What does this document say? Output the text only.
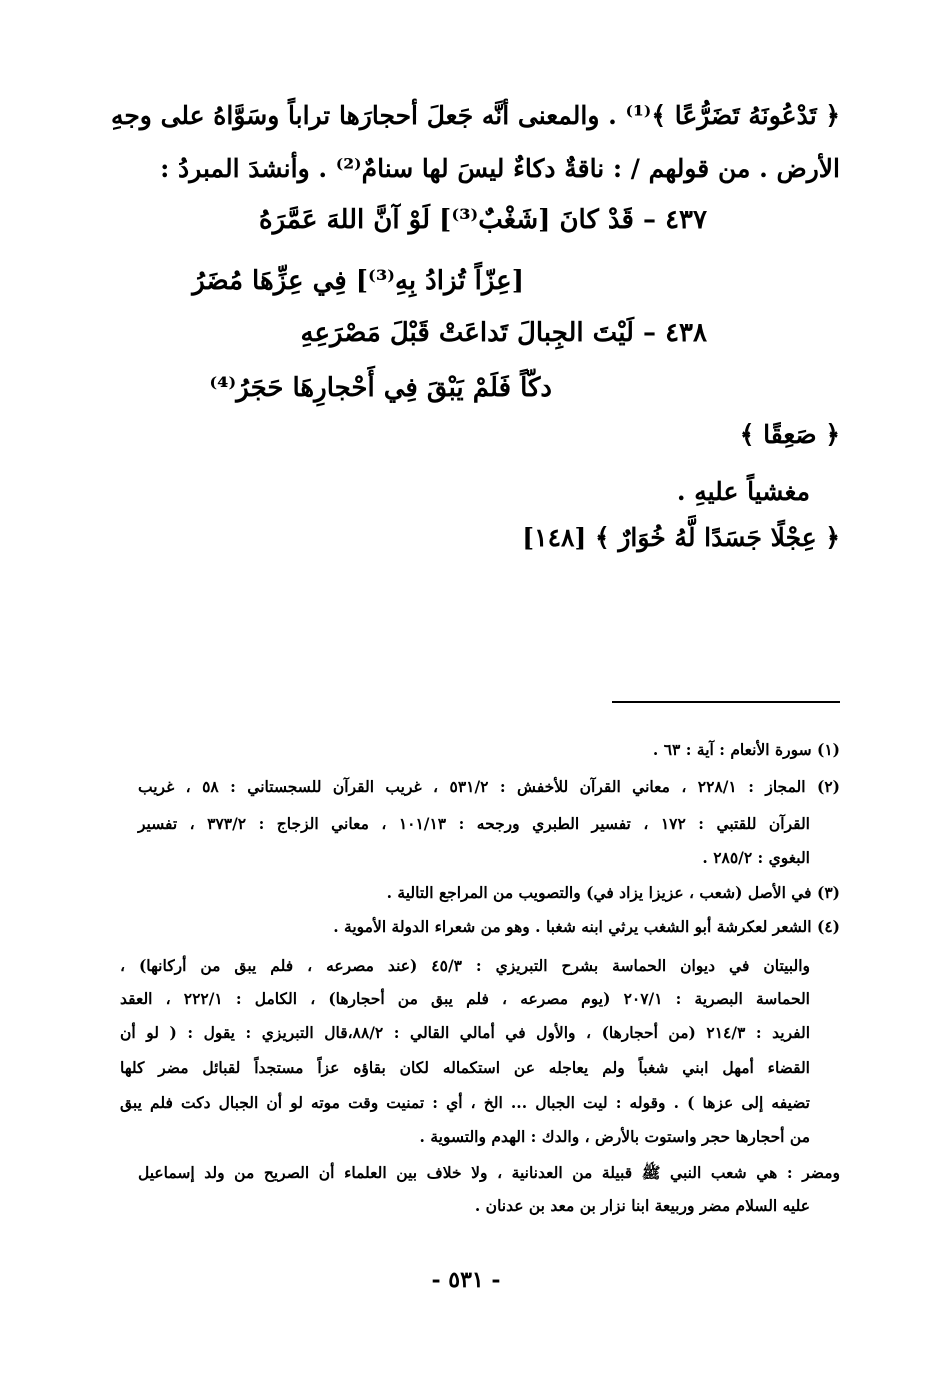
﴿ تَدْعُونَهُ تَضَرُّعًا ﴾⁽¹⁾ . والمعنى أنَّه جَعلَ أحجارَها تراباً وسَوَّاهُ على وجهِ
الأرض . من قولهم / : ناقةٌ دكاءٌ ليسَ لها سنامٌ⁽²⁾ . وأنشدَ المبردُ :
٤٣٧ – قَدْ كانَ [شَغْبٌ⁽³⁾] لَوْ آنَّ اللهَ عَمَّرَهُ
[عِزّاً تُزادُ بِهِ⁽³⁾] فِي عِزِّهَا مُضَرُ
٤٣٨ – لَيْتَ الجِبالَ تَداعَتْ قَبْلَ مَصْرَعِهِ
دكّاً فَلَمْ يَبْقَ فِي أَحْجارِهَا حَجَرُ⁽⁴⁾
﴿ صَعِقًا ﴾
مغشياً عليهِ .
﴿ عِجْلًا جَسَدًا لَّهُ خُوَارٌ ﴾ [١٤٨]
(١) سورة الأنعام : آية : ٦٣ .
(٢) المجاز : ٢٢٨/١ ، معاني القرآن للأخفش : ٥٣١/٢ ، غريب القرآن للسجستاني : ٥٨ ، غريب
القرآن للقتبي : ١٧٢ ، تفسير الطبري ورجحه : ١٠١/١٣ ، معاني الزجاج : ٣٧٣/٢ ، تفسير
البغوي : ٢٨٥/٢ .
(٣) في الأصل (شعب ، عزيزا يزاد في) والتصويب من المراجع التالية .
(٤) الشعر لعكرشة أبو الشغب يرثي ابنه شغبا . وهو من شعراء الدولة الأموية .
والبيتان في ديوان الحماسة بشرح التبريزي : ٤٥/٣ (عند مصرعه ، فلم يبق من أركانها) ،
الحماسة البصرية : ٢٠٧/١ (يوم مصرعه ، فلم يبق من أحجارها) ، الكامل : ٢٢٢/١ ، العقد
الفريد : ٢١٤/٣ (من أحجارها) ، والأول في أمالي القالي : ٨٨/٢،قال التبريزي : يقول : ( لو أن
القضاء أمهل ابني شغباً ولم يعاجله عن استكماله لكان بقاؤه عزاً مستجداً لقبائل مضر كلها
تضيفه إلى عزها ) . وقوله : ليت الجبال ... الخ ، أي : تمنيت وقت موته لو أن الجبال دكت فلم يبق
من أحجارها حجر واستوت بالأرض ، والدك : الهدم والتسوية .
ومضر : هي شعب النبي ﷺ قبيلة من العدنانية ، ولا خلاف بين العلماء أن الصريح من ولد إسماعيل
عليه السلام مضر وربيعة ابنا نزار بن معد بن عدنان .
- ٥٣١ -
